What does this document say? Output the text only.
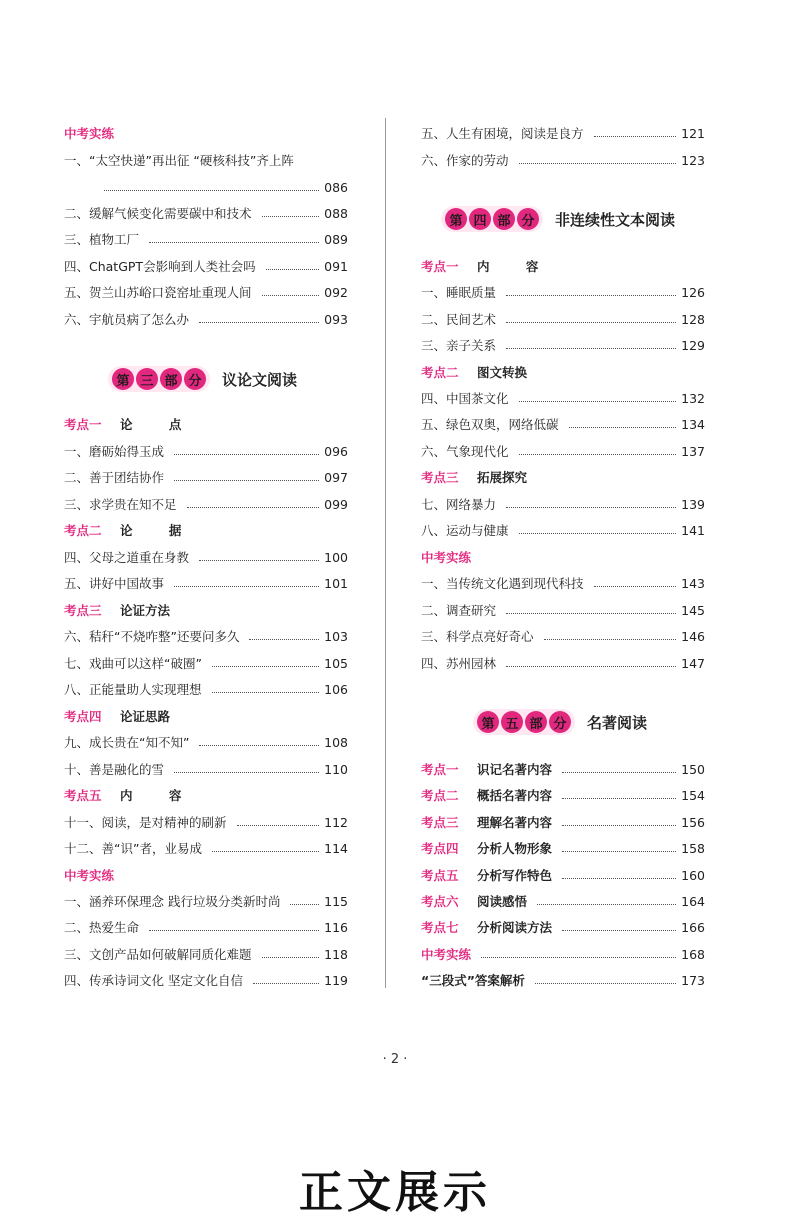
中考实练
一、“太空快递”再出征 “硬核科技”齐上阵
086
二、缓解气候变化需要碳中和技术	088
三、植物工厂	089
四、ChatGPT会影响到人类社会吗	091
五、贺兰山苏峪口瓷窑址重现人间	092
六、宇航员病了怎么办	093
第 三 部 分	议论文阅读
考点一 论 点
一、磨砺始得玉成	096
二、善于团结协作	097
三、求学贵在知不足	099
考点二 论 据
四、父母之道重在身教	100
五、讲好中国故事	101
考点三 论证方法
六、秸秆“不烧咋整”还要问多久	103
七、戏曲可以这样“破圈”	105
八、正能量助人实现理想	106
考点四 论证思路
九、成长贵在“知不知”	108
十、善是融化的雪	110
考点五 内 容
十一、阅读，是对精神的刷新	112
十二、善“识”者，业易成	114
中考实练
一、涵养环保理念 践行垃圾分类新时尚	115
二、热爱生命	116
三、文创产品如何破解同质化难题	118
四、传承诗词文化 坚定文化自信	119
五、人生有困境，阅读是良方	121
六、作家的劳动	123
第 四 部 分	非连续性文本阅读
考点一 内 容
一、睡眠质量	126
二、民间艺术	128
三、亲子关系	129
考点二 图文转换
四、中国茶文化	132
五、绿色双奥，网络低碳	134
六、气象现代化	137
考点三 拓展探究
七、网络暴力	139
八、运动与健康	141
中考实练
一、当传统文化遇到现代科技	143
二、调查研究	145
三、科学点亮好奇心	146
四、苏州园林	147
第 五 部 分	名著阅读
考点一	识记名著内容	150
考点二	概括名著内容	154
考点三	理解名著内容	156
考点四	分析人物形象	158
考点五	分析写作特色	160
考点六	阅读感悟	164
考点七	分析阅读方法	166
中考实练	168
“三段式”答案解析	173
· 2 ·
正文展示
